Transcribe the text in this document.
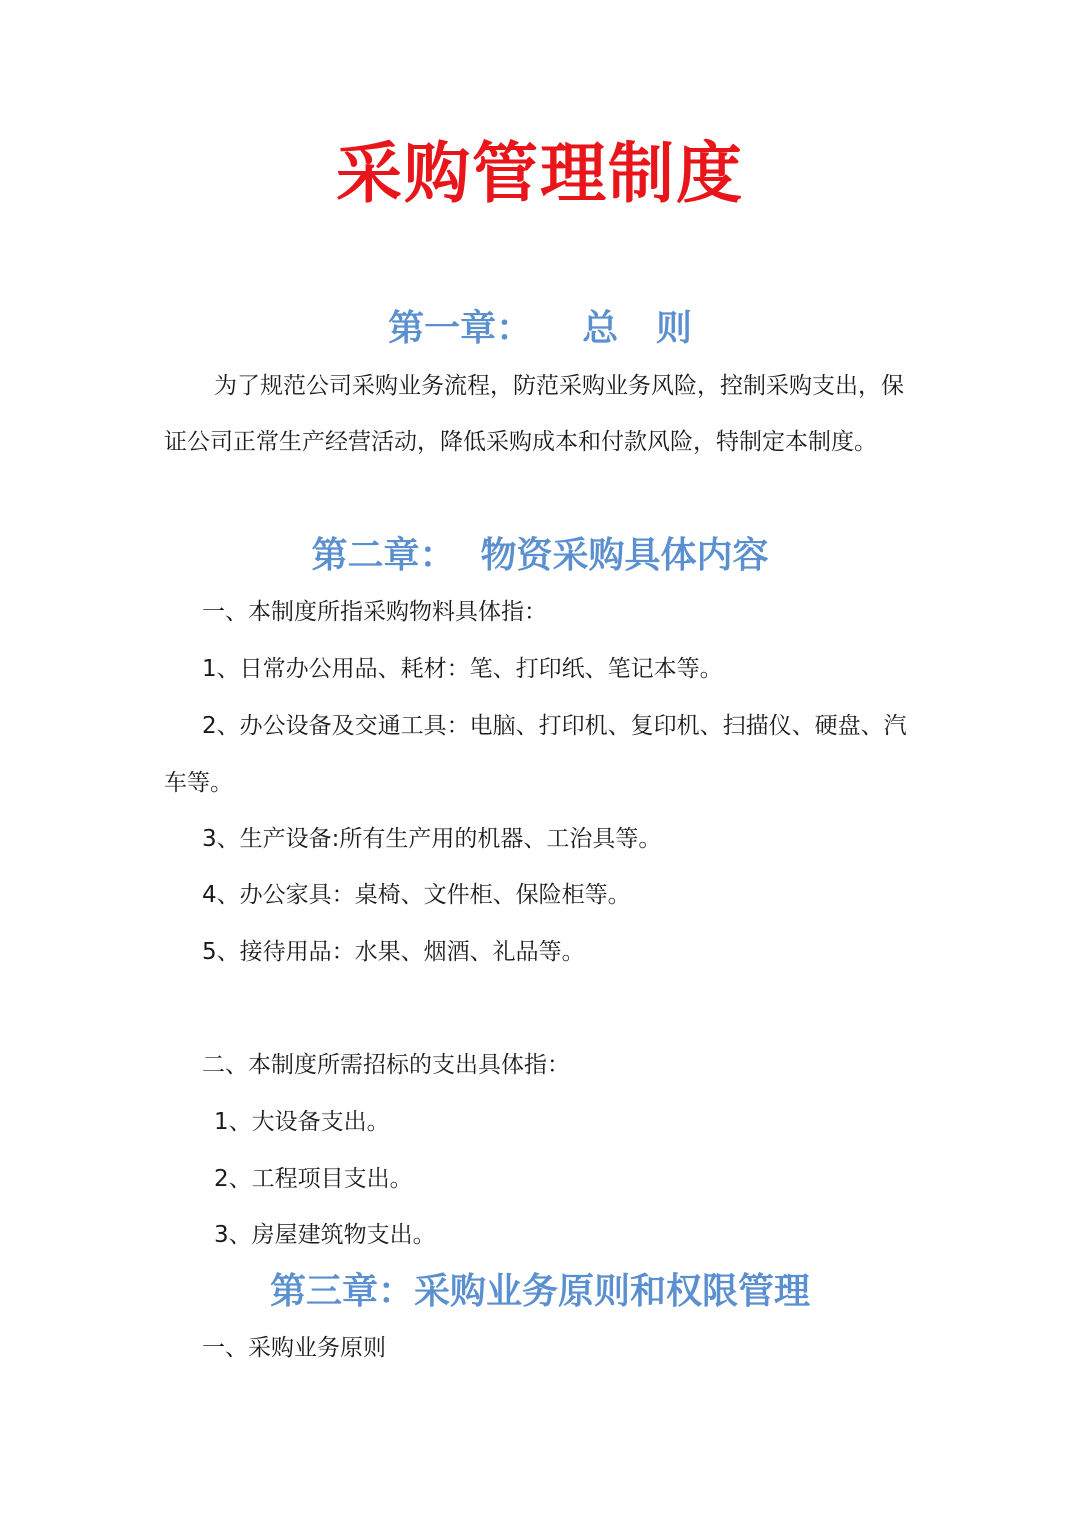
采购管理制度
第一章：    总   则
为了规范公司采购业务流程，防范采购业务风险，控制采购支出，保证公司正常生产经营活动，降低采购成本和付款风险，特制定本制度。
第二章：  物资采购具体内容
一、本制度所指采购物料具体指：
1、日常办公用品、耗材：笔、打印纸、笔记本等。
2、办公设备及交通工具：电脑、打印机、复印机、扫描仪、硬盘、汽车等。
3、生产设备:所有生产用的机器、工治具等。
4、办公家具：桌椅、文件柜、保险柜等。
5、接待用品：水果、烟酒、礼品等。
二、本制度所需招标的支出具体指：
1、大设备支出。
2、工程项目支出。
3、房屋建筑物支出。
第三章：采购业务原则和权限管理
一、采购业务原则
